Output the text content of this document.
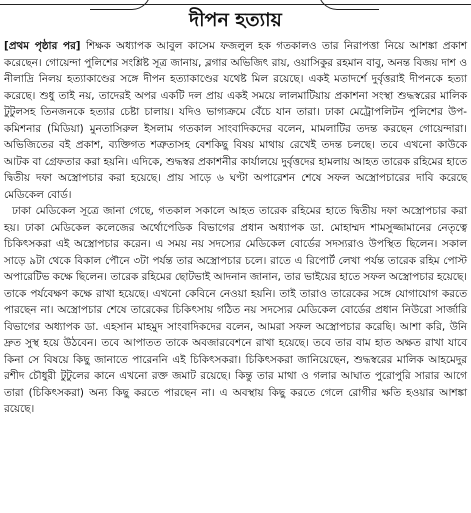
দীপন হত্যায়

[প্রথম পৃষ্ঠার পর] শিক্ষক অধ্যাপক আবুল কাসেম ফজলুল হক গতকালও তার নিরাপত্তা নিয়ে আশঙ্কা প্রকাশ করেছেন। গোয়েন্দা পুলিশের সংশ্লিষ্ট সূত্র জানায়, ব্লগার অভিজিৎ রায়, ওয়াসিকুর রহমান বাবু, অনন্ত বিজয় দাশ ও নীলাদ্রি নিলয় হত্যাকাণ্ডের সঙ্গে দীপন হত্যাকাণ্ডের যথেষ্ট মিল রয়েছে। একই মতাদর্শে দুর্বৃত্তরাই দীপনকে হত্যা করেছে। শুধু তাই নয়, তাদেরই অপর একটি দল প্রায় একই সময়ে লালমাটিয়ায় প্রকাশনা সংস্থা শুদ্ধস্বরের মালিক টুটুলসহ তিনজনকে হত্যার চেষ্টা চালায়। যদিও ভাগ্যক্রমে বেঁচে যান তারা। ঢাকা মেট্রোপলিটন পুলিশের উপ-কমিশনার (মিডিয়া) মুনতাসিরুল ইসলাম গতকাল সাংবাদিকদের বলেন, মামলাটির তদন্ত করছেন গোয়েন্দারা। অভিজিতের বই প্রকাশ, ব্যক্তিগত শত্রুতাসহ বেশকিছু বিষয় মাথায় রেখেই তদন্ত চলছে। তবে এখনো কাউকে আটক বা গ্রেফতার করা হয়নি। এদিকে, শুদ্ধস্বর প্রকাশনীর কার্যালয়ে দুর্বৃত্তদের হামলায় আহত তারেক রহিমের হাতে দ্বিতীয় দফা অস্ত্রোপচার করা হয়েছে। প্রায় সাড়ে ৬ ঘণ্টা অপারেশন শেষে সফল অস্ত্রোপচারের দাবি করেছে মেডিকেল বোর্ড।

ঢাকা মেডিকেল সূত্রে জানা গেছে, গতকাল সকালে আহত তারেক রহিমের হাতে দ্বিতীয় দফা অস্ত্রোপচার করা হয়। ঢাকা মেডিকেল কলেজের অর্থোপেডিক বিভাগের প্রধান অধ্যাপক ডা. মোহাম্মদ শামসুজ্জামানের নেতৃত্বে চিকিৎসকরা এই অস্ত্রোপচার করেন। এ সময় নয় সদস্যের মেডিকেল বোর্ডের সদস্যরাও উপস্থিত ছিলেন। সকাল সাড়ে ৯টা থেকে বিকাল পৌনে ৩টা পর্যন্ত তার অস্ত্রোপচার চলে। রাতে এ রিপোর্ট লেখা পর্যন্ত তারেক রহিম পোস্ট অপারেটিভ কক্ষে ছিলেন। তারেক রহিমের ছোটভাই আদনান জানান, তার ভাইয়ের হাতে সফল অস্ত্রোপচার হয়েছে। তাকে পর্যবেক্ষণ কক্ষে রাখা হয়েছে। এখনো কেবিনে নেওয়া হয়নি। তাই তারাও তারেকের সঙ্গে যোগাযোগ করতে পারছেন না। অস্ত্রোপচার শেষে তারেকের চিকিৎসায় গঠিত নয় সদস্যের মেডিকেল বোর্ডের প্রধান নিউরো সার্জারি বিভাগের অধ্যাপক ডা. এহসান মাহমুদ সাংবাদিকদের বলেন, আমরা সফল অস্ত্রোপচার করেছি। আশা করি, উনি দ্রুত সুস্থ হয়ে উঠবেন। তবে আপাতত তাকে অবজারবেশনে রাখা হয়েছে। তবে তার বাম হাত অক্ষত রাখা যাবে কিনা সে বিষয়ে কিছু জানাতে পারেননি এই চিকিৎসকরা। চিকিৎসকরা জানিয়েছেন, শুদ্ধস্বরের মালিক আহমেদুর রশীদ চৌধুরী টুটুলের কানে এখনো রক্ত জমাট রয়েছে। কিন্তু তার মাথা ও গলার আঘাত পুরোপুরি সারার আগে তারা (চিকিৎসকরা) অন্য কিছু করতে পারছেন না। এ অবস্থায় কিছু করতে গেলে রোগীর ক্ষতি হওয়ার আশঙ্কা রয়েছে।
